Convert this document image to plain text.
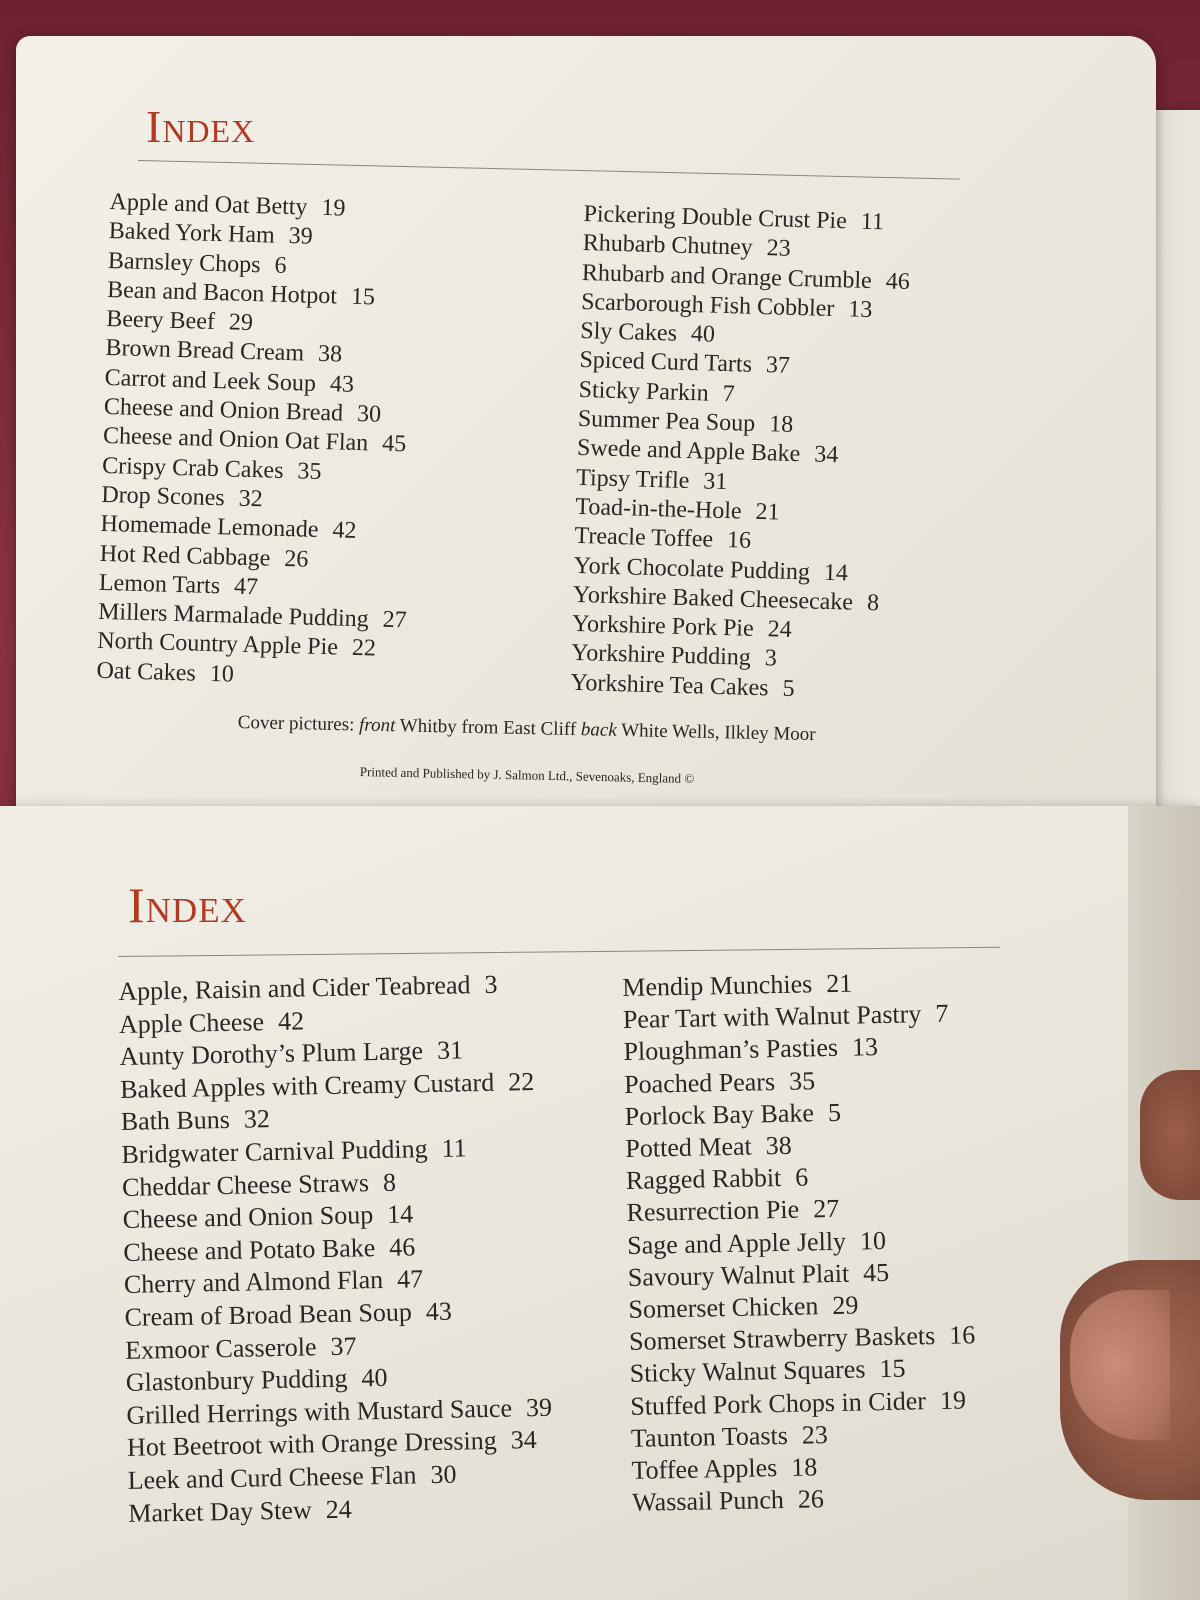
Index
Apple and Oat Betty 19
Baked York Ham 39
Barnsley Chops 6
Bean and Bacon Hotpot 15
Beery Beef 29
Brown Bread Cream 38
Carrot and Leek Soup 43
Cheese and Onion Bread 30
Cheese and Onion Oat Flan 45
Crispy Crab Cakes 35
Drop Scones 32
Homemade Lemonade 42
Hot Red Cabbage 26
Lemon Tarts 47
Millers Marmalade Pudding 27
North Country Apple Pie 22
Oat Cakes 10
Pickering Double Crust Pie 11
Rhubarb Chutney 23
Rhubarb and Orange Crumble 46
Scarborough Fish Cobbler 13
Sly Cakes 40
Spiced Curd Tarts 37
Sticky Parkin 7
Summer Pea Soup 18
Swede and Apple Bake 34
Tipsy Trifle 31
Toad-in-the-Hole 21
Treacle Toffee 16
York Chocolate Pudding 14
Yorkshire Baked Cheesecake 8
Yorkshire Pork Pie 24
Yorkshire Pudding 3
Yorkshire Tea Cakes 5
Cover pictures: front Whitby from East Cliff back White Wells, Ilkley Moor
Printed and Published by J. Salmon Ltd., Sevenoaks, England ©
Index
Apple, Raisin and Cider Teabread 3
Apple Cheese 42
Aunty Dorothy’s Plum Large 31
Baked Apples with Creamy Custard 22
Bath Buns 32
Bridgwater Carnival Pudding 11
Cheddar Cheese Straws 8
Cheese and Onion Soup 14
Cheese and Potato Bake 46
Cherry and Almond Flan 47
Cream of Broad Bean Soup 43
Exmoor Casserole 37
Glastonbury Pudding 40
Grilled Herrings with Mustard Sauce 39
Hot Beetroot with Orange Dressing 34
Leek and Curd Cheese Flan 30
Market Day Stew 24
Mendip Munchies 21
Pear Tart with Walnut Pastry 7
Ploughman’s Pasties 13
Poached Pears 35
Porlock Bay Bake 5
Potted Meat 38
Ragged Rabbit 6
Resurrection Pie 27
Sage and Apple Jelly 10
Savoury Walnut Plait 45
Somerset Chicken 29
Somerset Strawberry Baskets 16
Sticky Walnut Squares 15
Stuffed Pork Chops in Cider 19
Taunton Toasts 23
Toffee Apples 18
Wassail Punch 26
